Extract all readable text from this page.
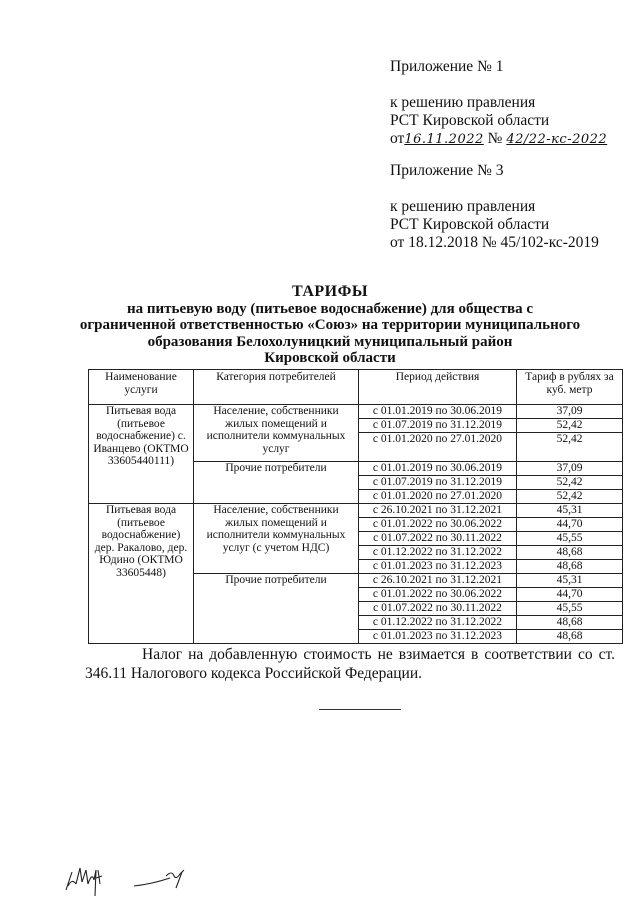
Приложение № 1
к решению правления
РСТ Кировской области
от16.11.2022 № 42/22-кс-2022
Приложение № 3
к решению правления
РСТ Кировской области
от 18.12.2018 № 45/102-кс-2019
ТАРИФЫ
на питьевую воду (питьевое водоснабжение) для общества с
ограниченной ответственностью «Союз» на территории муниципального
образования Белохолуницкий муниципальный район
Кировской области
Наименование услуги	Категория потребителей	Период действия	Тариф в рублях за куб. метр
Питьевая вода (питьевое водоснабжение) с. Иванцево (ОКТМО 33605440111)	Население, собственники жилых помещений и исполнители коммунальных услуг	с 01.01.2019 по 30.06.2019	37,09
		с 01.07.2019 по 31.12.2019	52,42
		с 01.01.2020 по 27.01.2020	52,42
	Прочие потребители	с 01.01.2019 по 30.06.2019	37,09
		с 01.07.2019 по 31.12.2019	52,42
		с 01.01.2020 по 27.01.2020	52,42
Питьевая вода (питьевое водоснабжение) дер. Ракалово, дер. Юдино (ОКТМО 33605448)	Население, собственники жилых помещений и исполнители коммунальных услуг (с учетом НДС)	с 26.10.2021 по 31.12.2021	45,31
		с 01.01.2022 по 30.06.2022	44,70
		с 01.07.2022 по 30.11.2022	45,55
		с 01.12.2022 по 31.12.2022	48,68
		с 01.01.2023 по 31.12.2023	48,68
	Прочие потребители	с 26.10.2021 по 31.12.2021	45,31
		с 01.01.2022 по 30.06.2022	44,70
		с 01.07.2022 по 30.11.2022	45,55
		с 01.12.2022 по 31.12.2022	48,68
		с 01.01.2023 по 31.12.2023	48,68
Налог на добавленную стоимость не взимается в соответствии со ст. 346.11 Налогового кодекса Российской Федерации.
